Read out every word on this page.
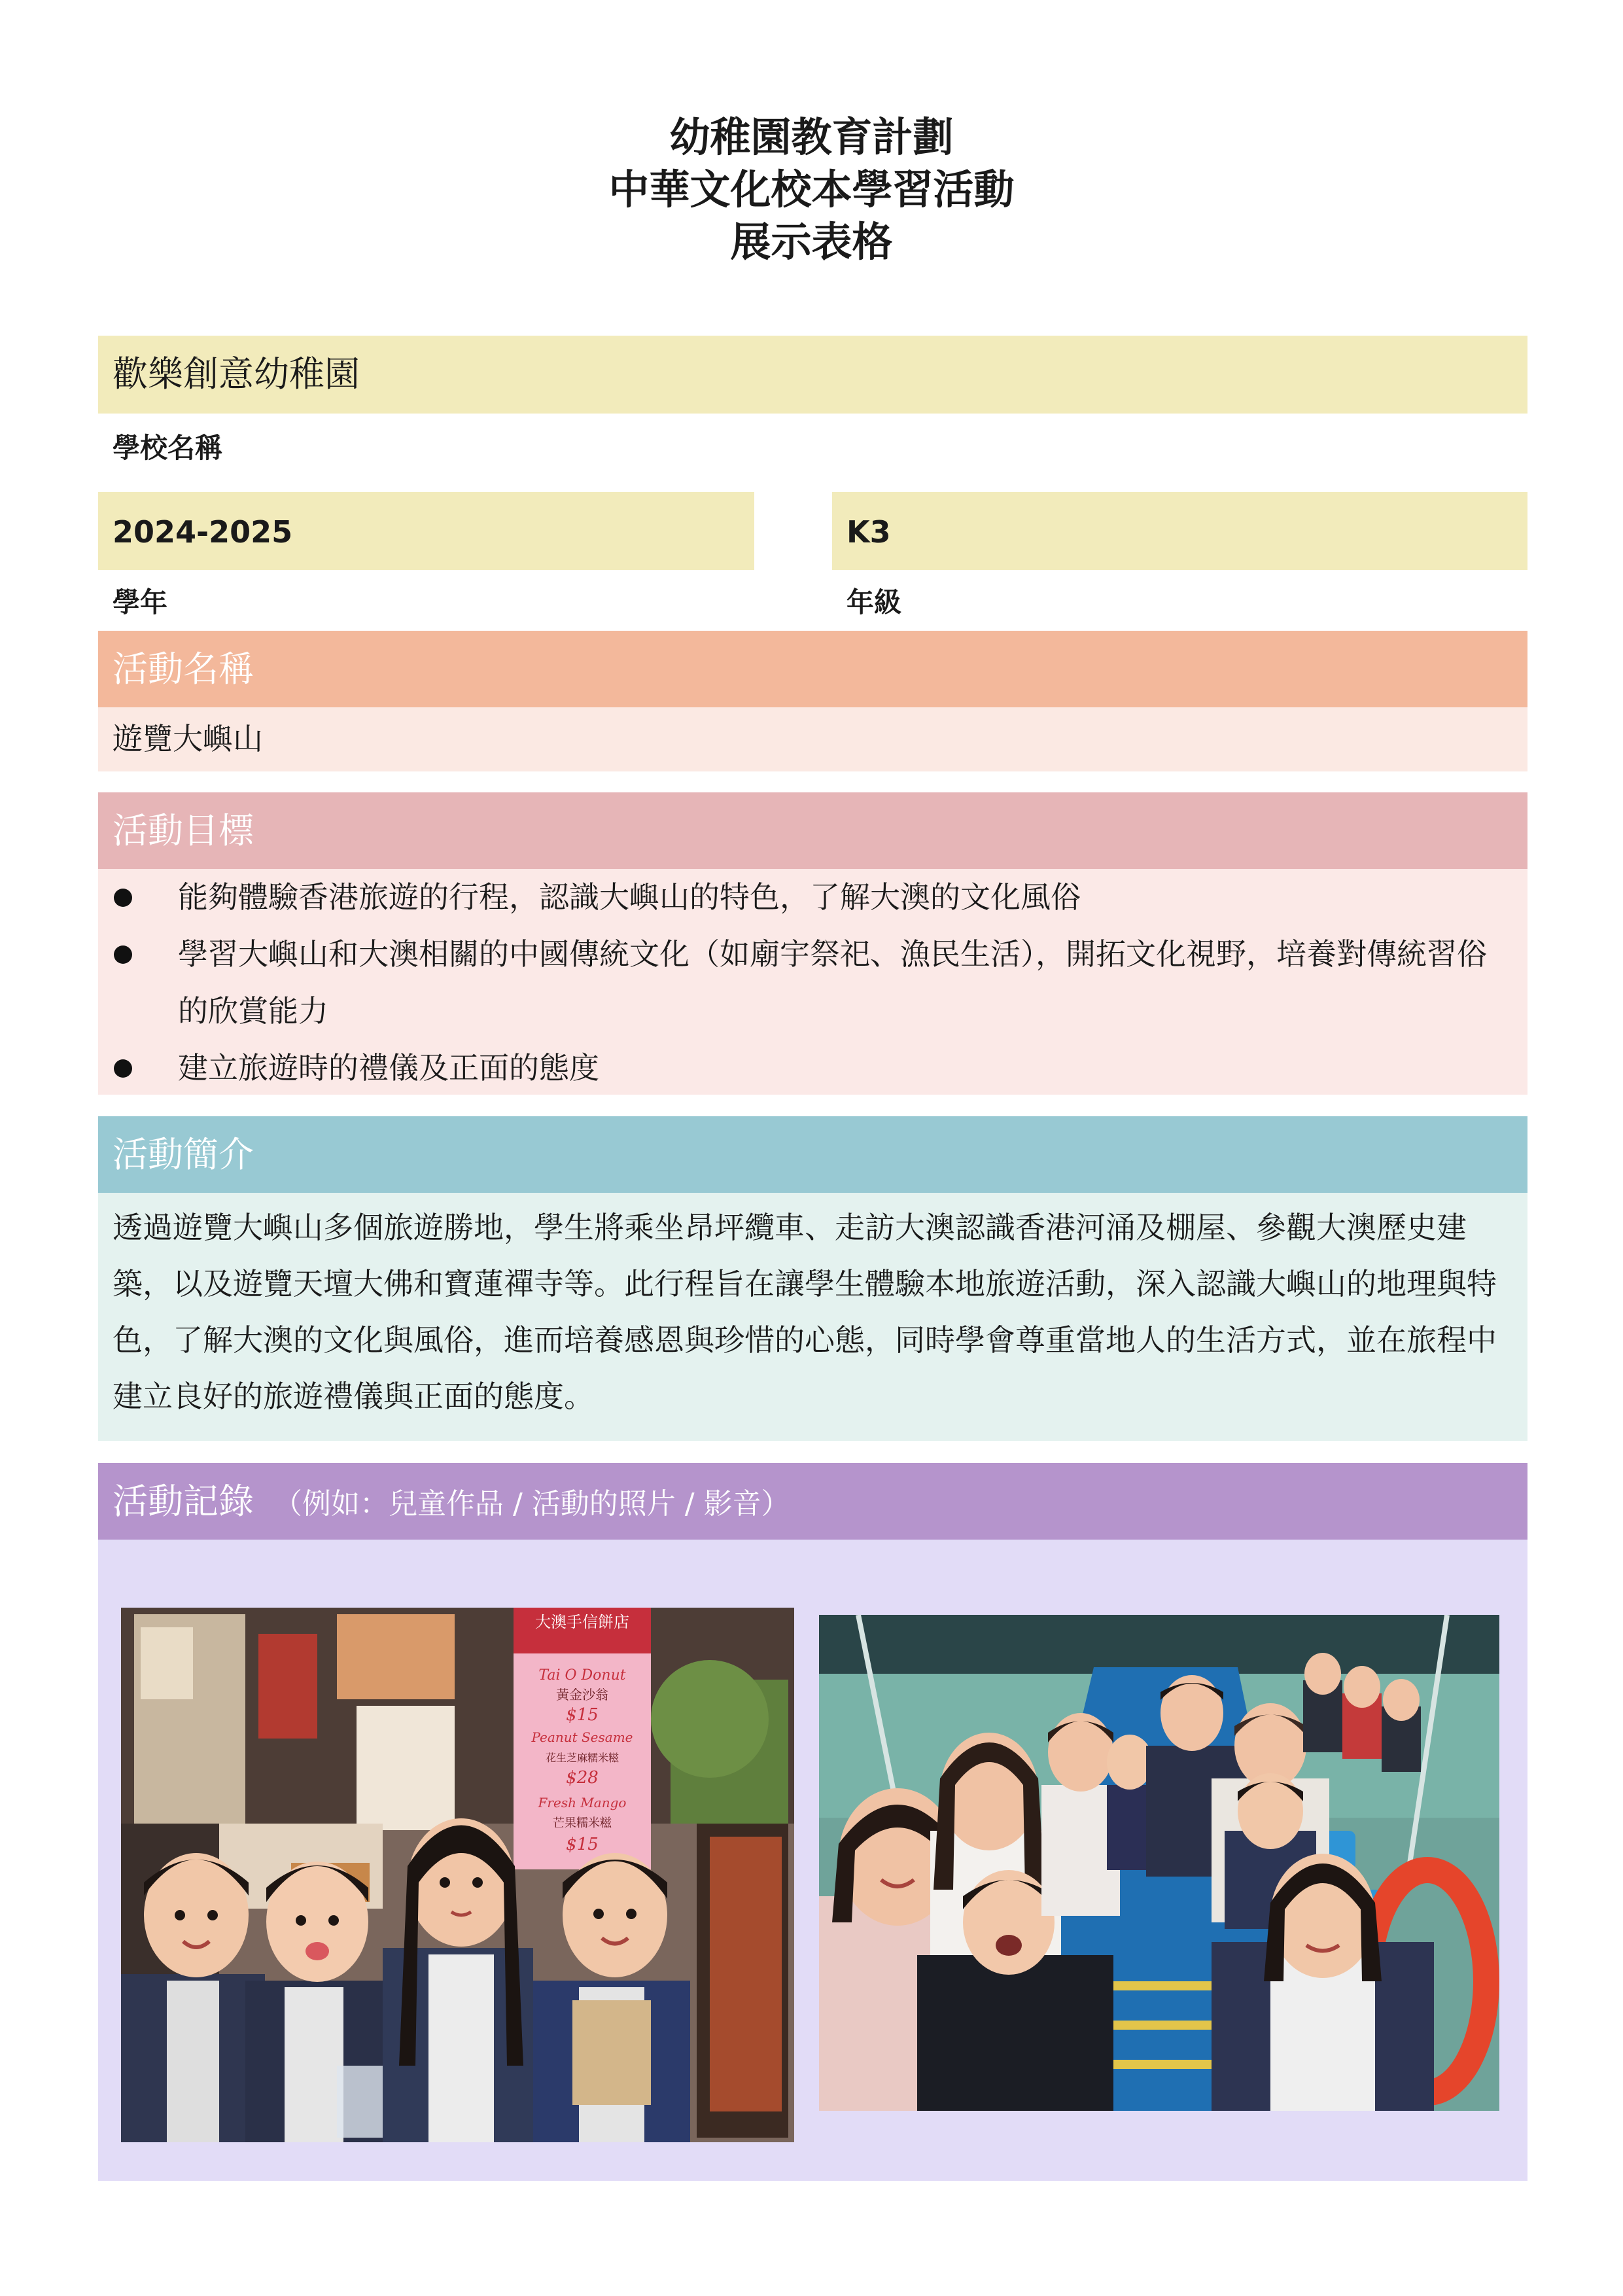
幼稚園教育計劃
中華文化校本學習活動
展示表格
歡樂創意幼稚園
學校名稱
2024-2025
學年
K3
年級
活動名稱
遊覽大嶼山
活動目標
能夠體驗香港旅遊的行程，認識大嶼山的特色，了解大澳的文化風俗
學習大嶼山和大澳相關的中國傳統文化（如廟宇祭祀、漁民生活），開拓文化視野，培養對傳統習俗的欣賞能力
建立旅遊時的禮儀及正面的態度
活動簡介
透過遊覽大嶼山多個旅遊勝地，學生將乘坐昂坪纜車、走訪大澳認識香港河涌及棚屋、參觀大澳歷史建築，以及遊覽天壇大佛和寶蓮禪寺等。此行程旨在讓學生體驗本地旅遊活動，深入認識大嶼山的地理與特色，了解大澳的文化與風俗，進而培養感恩與珍惜的心態，同時學會尊重當地人的生活方式，並在旅程中建立良好的旅遊禮儀與正面的態度。
活動記錄 （例如：兒童作品 / 活動的照片 / 影音）
大澳手信餅店
Tai O Donut
黃金沙翁
$15
Peanut Sesame
花生芝麻糯米糍
$28
Fresh Mango
芒果糯米糍
$15
